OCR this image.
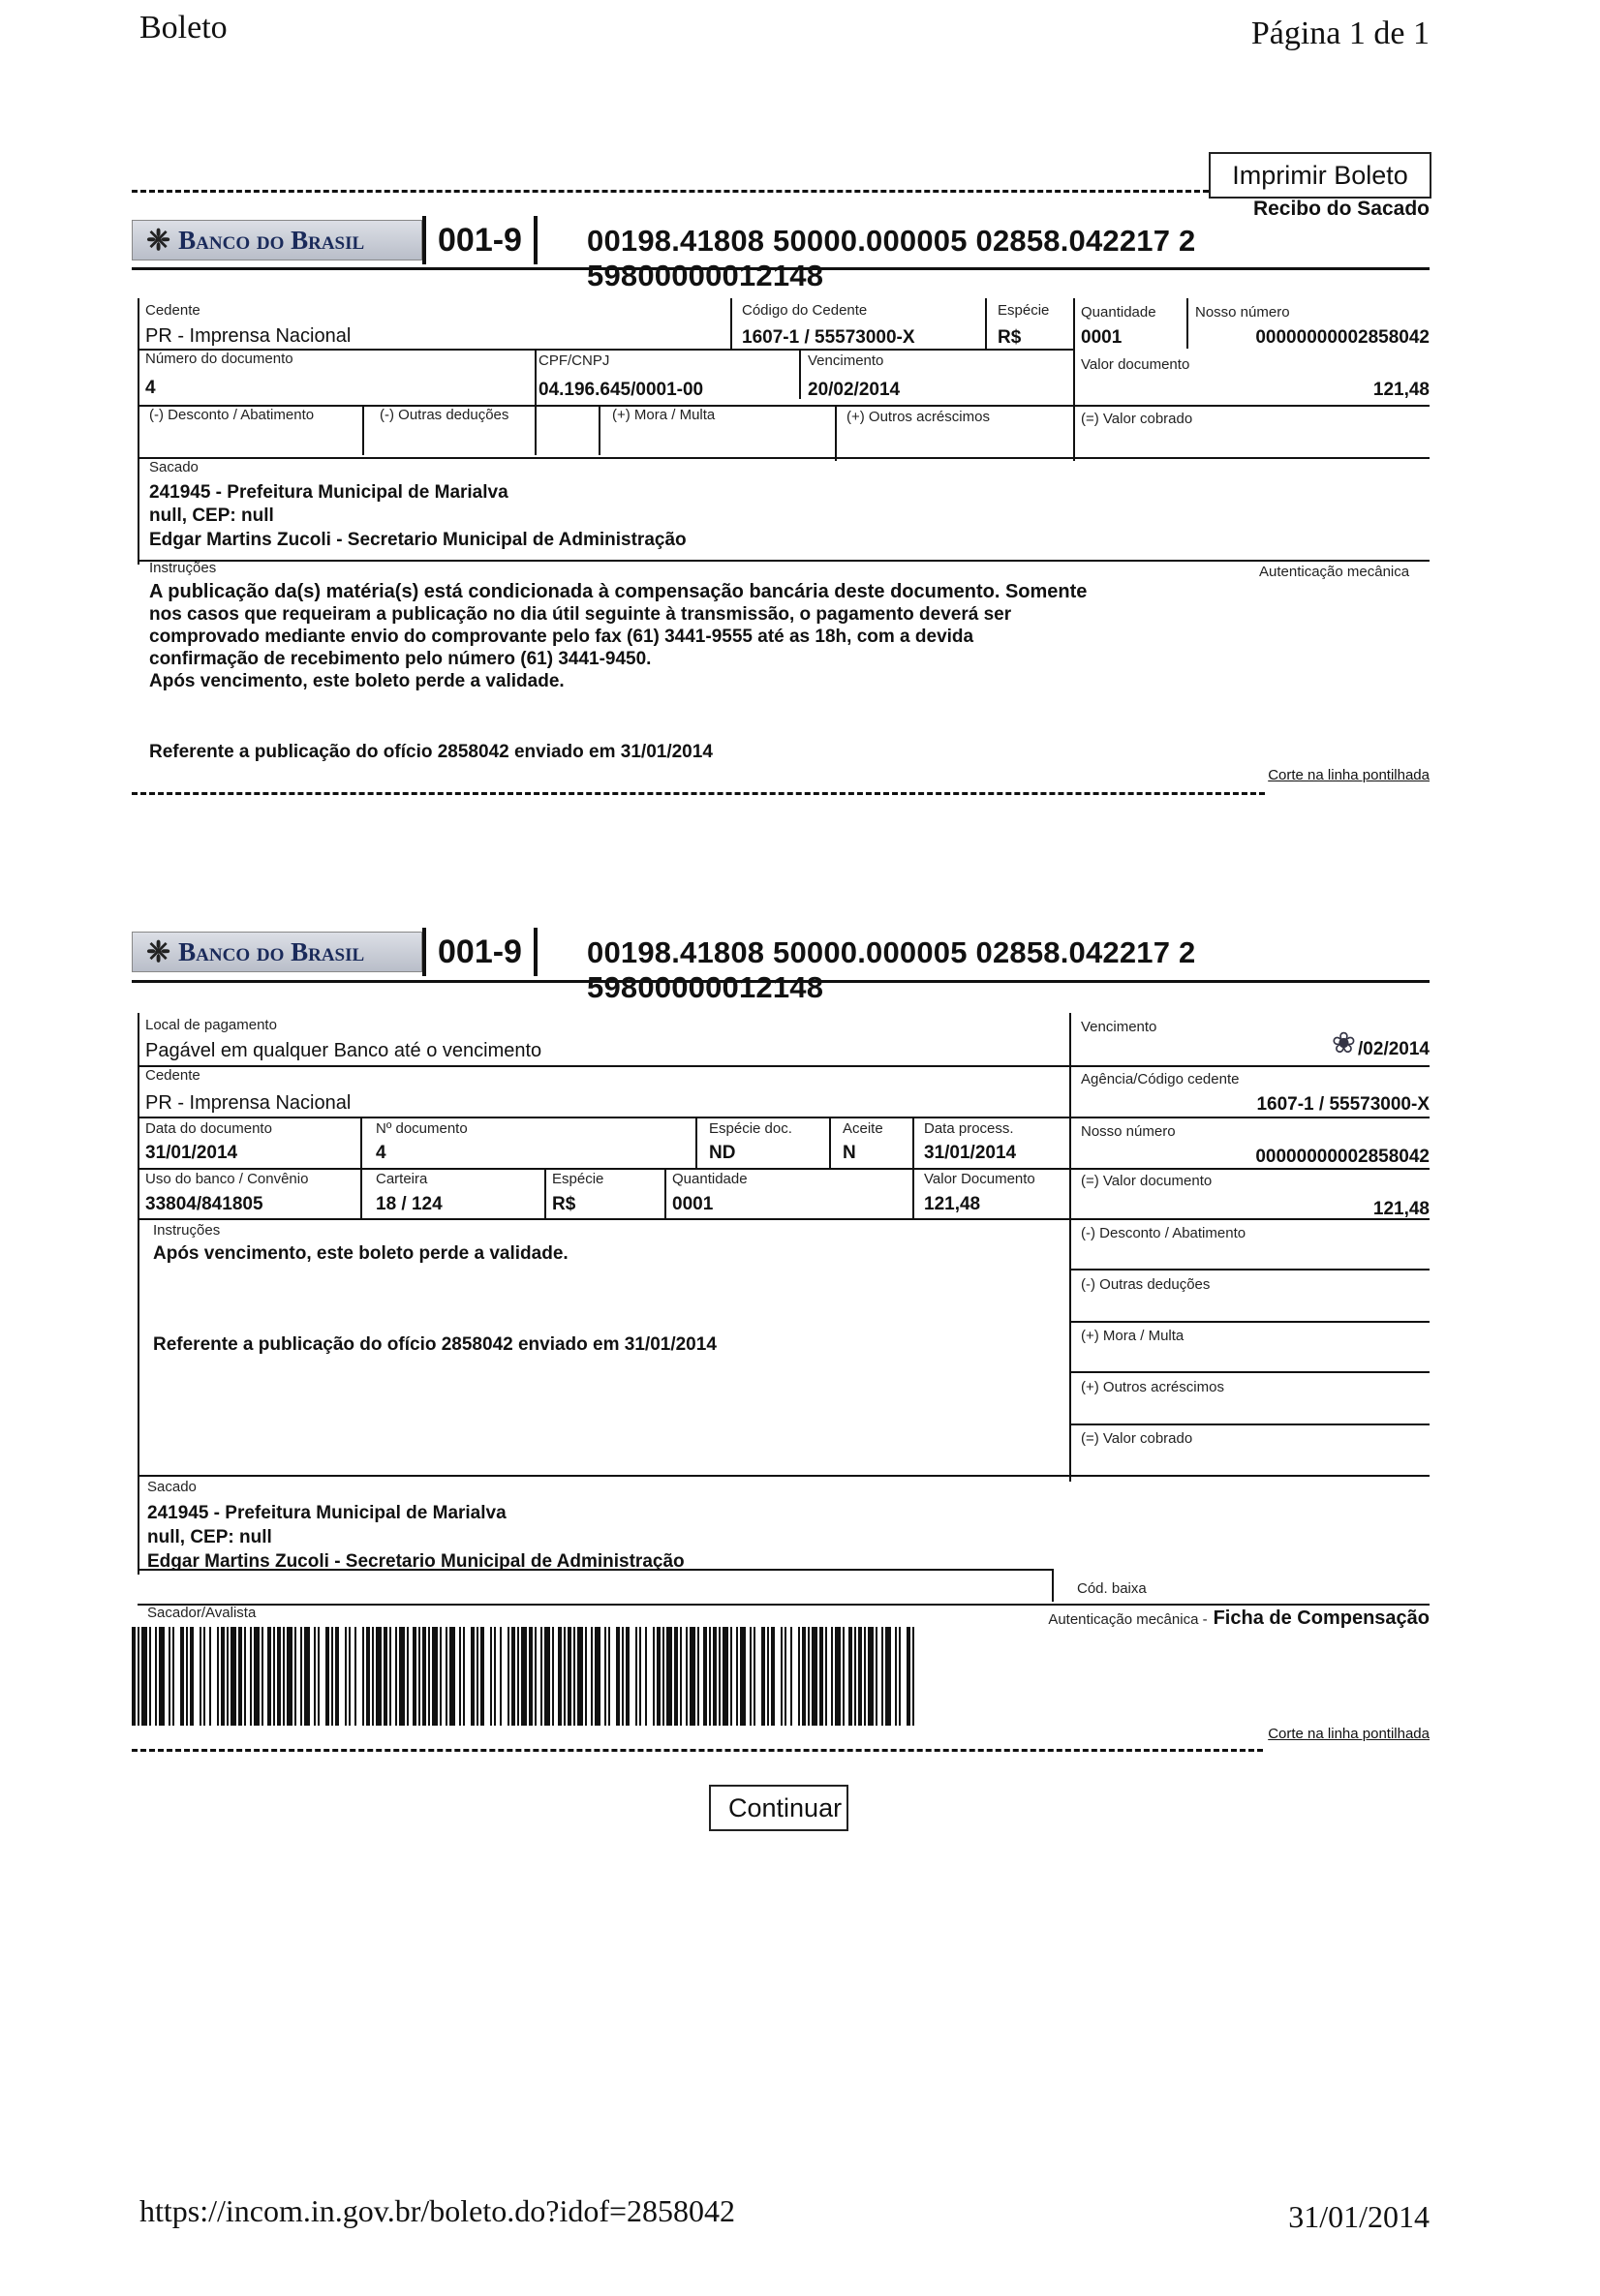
Boleto	Página 1 de 1
Imprimir Boleto
Recibo do Sacado
❈ Banco do Brasil	001-9	00198.41808 50000.000005 02858.042217 2 59800000012148
Cedente
PR - Imprensa Nacional
Código do Cedente
1607-1 / 55573000-X
Espécie
R$
Quantidade
0001
Nosso número
00000000002858042
Número do documento
4
CPF/CNPJ
04.196.645/0001-00
Vencimento
20/02/2014
Valor documento
121,48
(-) Desconto / Abatimento	(-) Outras deduções	(+) Mora / Multa	(+) Outros acréscimos	(=) Valor cobrado
Sacado
241945 - Prefeitura Municipal de Marialva
null, CEP: null
Edgar Martins Zucoli - Secretario Municipal de Administração
Instruções	Autenticação mecânica
A publicação da(s) matéria(s) está condicionada à compensação bancária deste documento. Somente
nos casos que requeiram a publicação no dia útil seguinte à transmissão, o pagamento deverá ser
comprovado mediante envio do comprovante pelo fax (61) 3441-9555 até as 18h, com a devida
confirmação de recebimento pelo número (61) 3441-9450.
Após vencimento, este boleto perde a validade.
Referente a publicação do ofício 2858042 enviado em 31/01/2014
Corte na linha pontilhada
❈ Banco do Brasil	001-9	00198.41808 50000.000005 02858.042217 2 59800000012148
Local de pagamento
Pagável em qualquer Banco até o vencimento
Vencimento
❀ /02/2014
Cedente
PR - Imprensa Nacional
Agência/Código cedente
1607-1 / 55573000-X
Data do documento
31/01/2014
Nº documento
4
Espécie doc.
ND
Aceite
N
Data process.
31/01/2014
Nosso número
00000000002858042
Uso do banco / Convênio
33804/841805
Carteira
18 / 124
Espécie
R$
Quantidade
0001
Valor Documento
121,48
(=) Valor documento
121,48
Instruções
Após vencimento, este boleto perde a validade.
Referente a publicação do ofício 2858042 enviado em 31/01/2014
(-) Desconto / Abatimento
(-) Outras deduções
(+) Mora / Multa
(+) Outros acréscimos
(=) Valor cobrado
Sacado
241945 - Prefeitura Municipal de Marialva
null, CEP: null
Edgar Martins Zucoli - Secretario Municipal de Administração
Cód. baixa
Sacador/Avalista	Autenticação mecânica - Ficha de Compensação
Corte na linha pontilhada
Continuar
https://incom.in.gov.br/boleto.do?idof=2858042	31/01/2014
